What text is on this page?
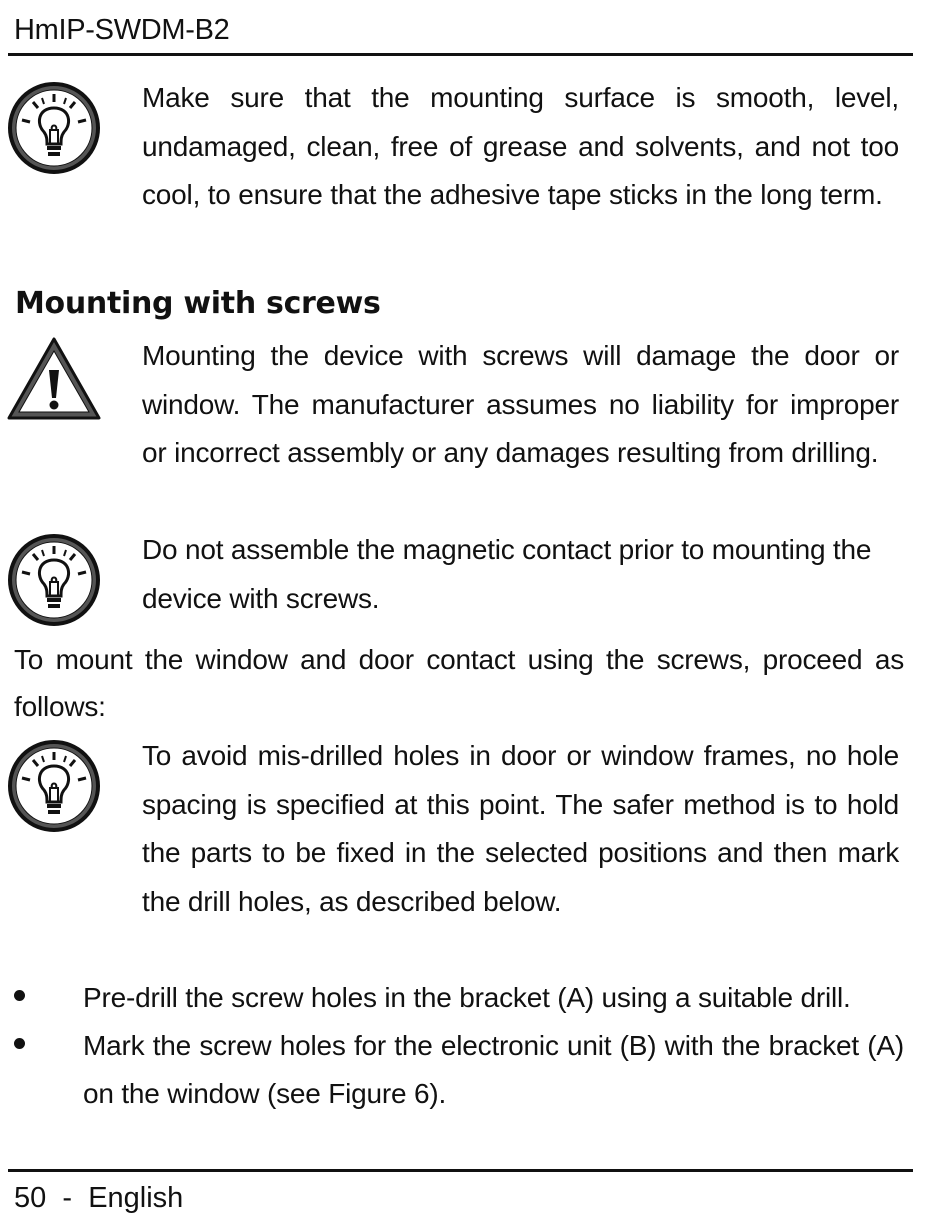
HmIP-SWDM-B2
Make sure that the mounting surface is smooth, level, undamaged, clean, free of grease and solvents, and not too cool, to ensure that the adhesive tape sticks in the long term.
Mounting with screws
Mounting the device with screws will damage the door or window. The manufacturer assumes no liability for improper or incorrect assembly or any damages resulting from drilling.
Do not assemble the magnetic contact prior to mounting the device with screws.
To mount the window and door contact using the screws, proceed as follows:
To avoid mis-drilled holes in door or window frames, no hole spacing is specified at this point. The safer method is to hold the parts to be fixed in the selected positions and then mark the drill holes, as described below.
Pre-drill the screw holes in the bracket (A) using a suitable drill.
Mark the screw holes for the electronic unit (B) with the bracket (A) on the window (see Figure 6).
50 - English
